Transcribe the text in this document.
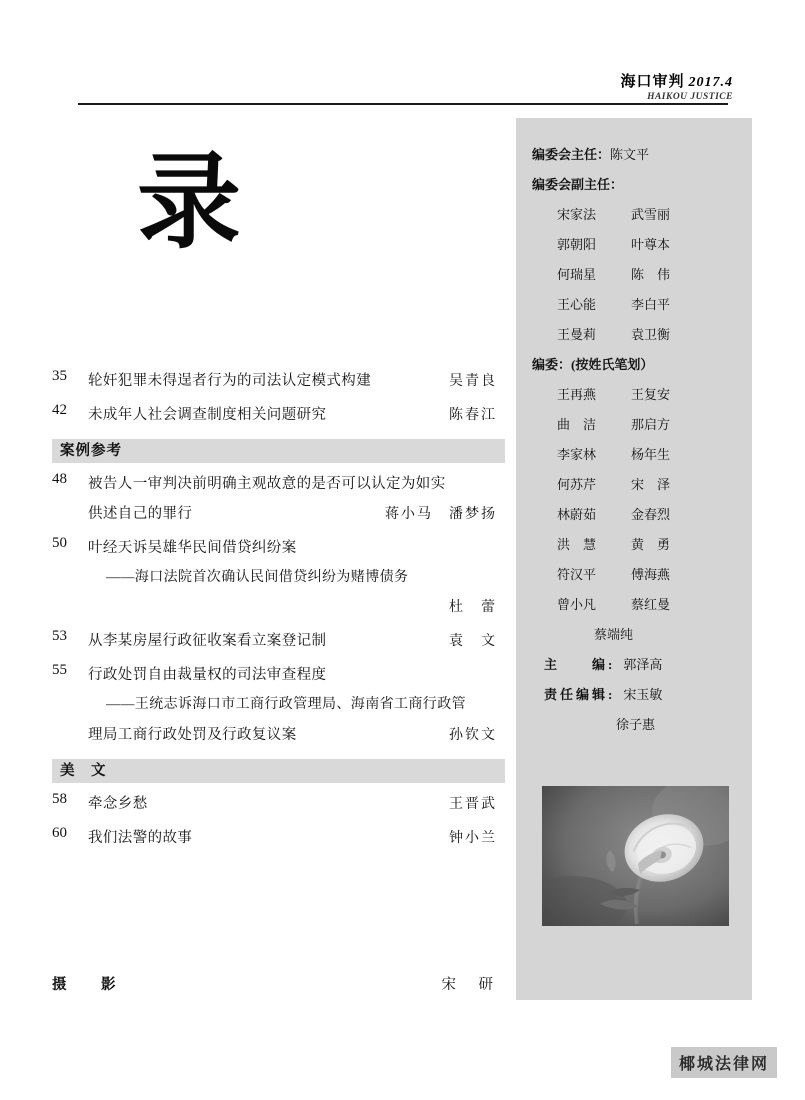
海口审判 2017.4
HAIKOU JUSTICE
录
35	轮奸犯罪未得逞者行为的司法认定模式构建	吴青良
42	未成年人社会调查制度相关问题研究	陈春江
案例参考
48	被告人一审判决前明确主观故意的是否可以认定为如实
供述自己的罪行	蒋小马　潘梦扬
50	叶经天诉吴雄华民间借贷纠纷案
——海口法院首次确认民间借贷纠纷为赌博债务
杜　蕾
53	从李某房屋行政征收案看立案登记制	袁　文
55	行政处罚自由裁量权的司法审查程度
——王统志诉海口市工商行政管理局、海南省工商行政管
理局工商行政处罚及行政复议案	孙钦文
美　文
58	牵念乡愁	王晋武
60	我们法警的故事	钟小兰
摄　影	宋　研
编委会主任：陈文平
编委会副主任：
宋家法	武雪丽
郭朝阳	叶尊本
何瑞星	陈　伟
王心能	李白平
王曼莉	袁卫衡
编委：(按姓氏笔划）
王再燕	王复安
曲　洁	那启方
李家林	杨年生
何苏芹	宋　泽
林蔚茹	金春烈
洪　慧	黄　勇
符汉平	傅海燕
曾小凡	蔡红曼
蔡端纯
主　　编: 郭泽高
责任编辑: 宋玉敏
徐子惠
椰城法律网
